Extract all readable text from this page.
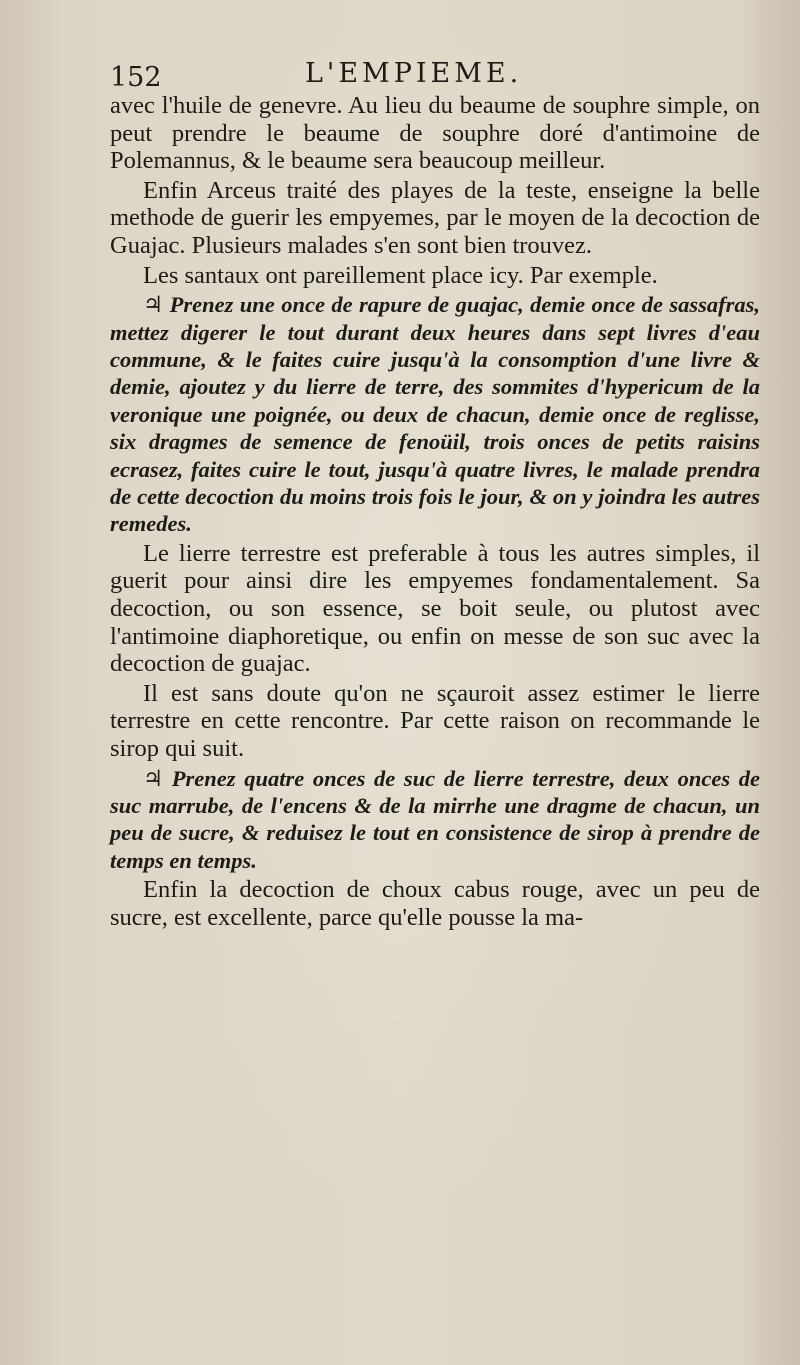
152	L'EMPIEME.

avec l'huile de genevre. Au lieu du beaume de souphre simple, on peut prendre le beaume de souphre doré d'antimoine de Polemannus, & le beaume sera beaucoup meilleur.

Enfin Arceus traité des playes de la teste, enseigne la belle methode de guerir les empyemes, par le moyen de la decoction de Guajac. Plusieurs malades s'en sont bien trouvez.

Les santaux ont pareillement place icy. Par exemple.

♃ Prenez une once de rapure de guajac, demie once de sassafras, mettez digerer le tout durant deux heures dans sept livres d'eau commune, & le faites cuire jusqu'à la consomption d'une livre & demie, ajoutez y du lierre de terre, des sommites d'hypericum de la veronique une poignée, ou deux de chacun, demie once de reglisse, six dragmes de semence de fenoüil, trois onces de petits raisins ecrasez, faites cuire le tout, jusqu'à quatre livres, le malade prendra de cette decoction du moins trois fois le jour, & on y joindra les autres remedes.

Le lierre terrestre est preferable à tous les autres simples, il guerit pour ainsi dire les empyemes fondamentalement. Sa decoction, ou son essence, se boit seule, ou plutost avec l'antimoine diaphoretique, ou enfin on messe de son suc avec la decoction de guajac.

Il est sans doute qu'on ne sçauroit assez estimer le lierre terrestre en cette rencontre. Par cette raison on recommande le sirop qui suit.

♃ Prenez quatre onces de suc de lierre terrestre, deux onces de suc marrube, de l'encens & de la mirrhe une dragme de chacun, un peu de sucre, & reduisez le tout en consistence de sirop à prendre de temps en temps.

Enfin la decoction de choux cabus rouge, avec un peu de sucre, est excellente, parce qu'elle pousse la ma-
